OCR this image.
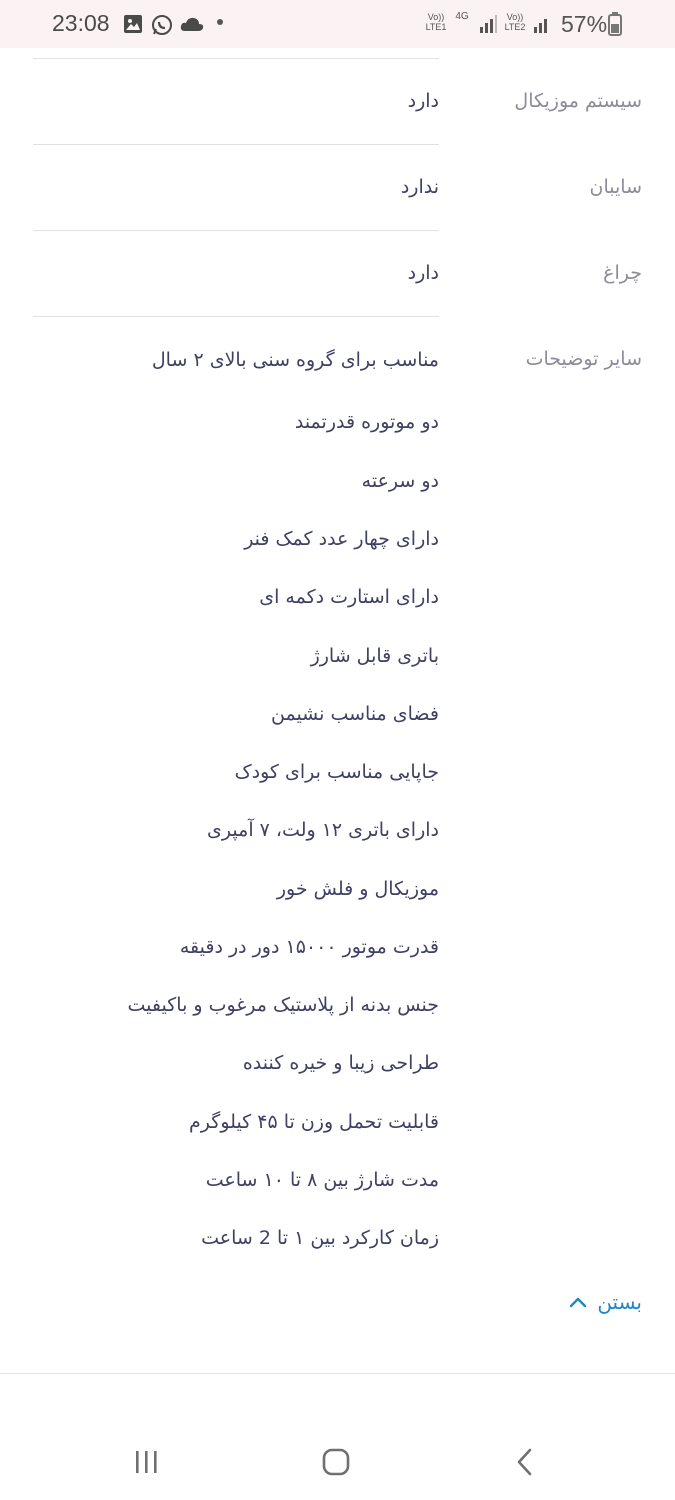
23:08	Vo))
LTE1
4G	Vo))
LTE2 57%
سیستم موزیکال
دارد
سایبان
ندارد
چراغ
دارد
سایر توضیحات
مناسب برای گروه سنی بالای ۲ سال
دو موتوره قدرتمند
دو سرعته
دارای چهار عدد کمک فنر
دارای استارت دکمه ای
باتری قابل شارژ
فضای مناسب نشیمن
جاپایی مناسب برای کودک
دارای باتری ۱۲ ولت، ۷ آمپری
موزیکال و فلش خور
قدرت موتور ۱۵۰۰۰ دور در دقیقه
جنس بدنه از پلاستیک مرغوب و باکیفیت
طراحی زیبا و خیره کننده
قابلیت تحمل وزن تا ۴۵ کیلوگرم
مدت شارژ بین ۸ تا ۱۰ ساعت
زمان کارکرد بین ۱ تا 2 ساعت
بستن
